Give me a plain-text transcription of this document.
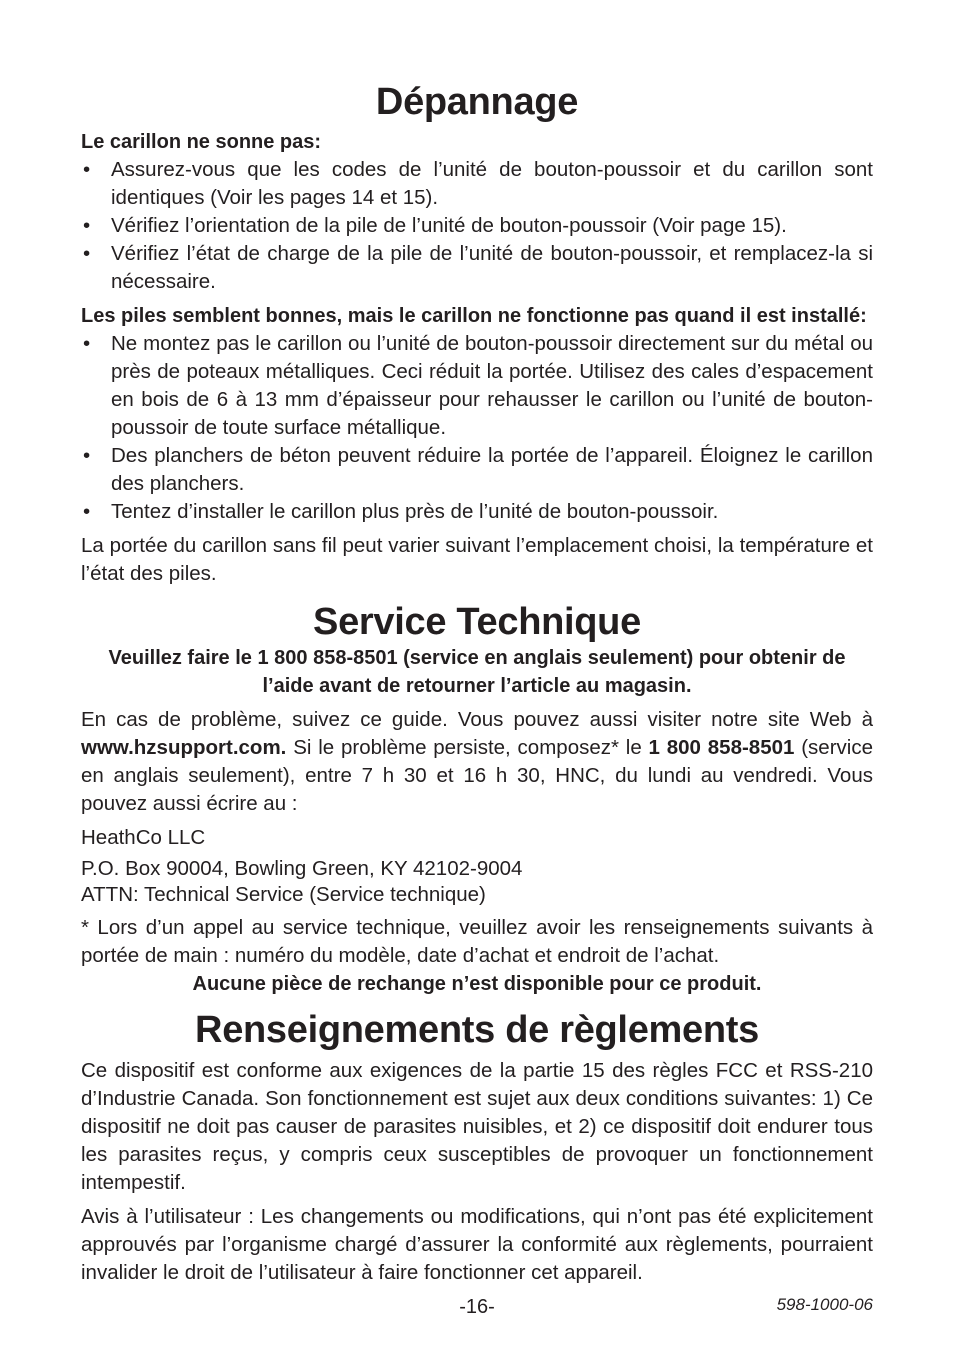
Dépannage

Le carillon ne sonne pas:

• Assurez-vous que les codes de l’unité de bouton-poussoir et du carillon sont identiques (Voir les pages 14 et 15).
• Vérifiez l’orientation de la pile de l’unité de bouton-poussoir (Voir page 15).
• Vérifiez l’état de charge de la pile de l’unité de bouton-poussoir, et remplacez-la si nécessaire.

Les piles semblent bonnes, mais le carillon ne fonctionne pas quand il est installé:

• Ne montez pas le carillon ou l’unité de bouton-poussoir directement sur du métal ou près de poteaux métalliques. Ceci réduit la portée. Utilisez des cales d’espacement en bois de 6 à 13 mm d’épaisseur pour rehausser le carillon ou l’unité de bouton-poussoir de toute surface métallique.
• Des planchers de béton peuvent réduire la portée de l’appareil. Éloignez le carillon des planchers.
• Tentez d’installer le carillon plus près de l’unité de bouton-poussoir.

La portée du carillon sans fil peut varier suivant l’emplacement choisi, la température et l’état des piles.

Service Technique

Veuillez faire le 1 800 858-8501 (service en anglais seulement) pour obtenir de l’aide avant de retourner l’article au magasin.

En cas de problème, suivez ce guide. Vous pouvez aussi visiter notre site Web à www.hzsupport.com. Si le problème persiste, composez* le 1 800 858-8501 (service en anglais seulement), entre 7 h 30 et 16 h 30, HNC, du lundi au vendredi. Vous pouvez aussi écrire au :

HeathCo LLC

P.O. Box 90004, Bowling Green, KY 42102-9004

ATTN: Technical Service (Service technique)

* Lors d’un appel au service technique, veuillez avoir les renseignements suivants à portée de main : numéro du modèle, date d’achat et endroit de l’achat.

Aucune pièce de rechange n’est disponible pour ce produit.

Renseignements de règlements

Ce dispositif est conforme aux exigences de la partie 15 des règles FCC et RSS-210 d’Industrie Canada. Son fonctionnement est sujet aux deux conditions suivantes: 1) Ce dispositif ne doit pas causer de parasites nuisibles, et 2) ce dispositif doit endurer tous les parasites reçus, y compris ceux susceptibles de provoquer un fonctionnement intempestif.

Avis à l’utilisateur : Les changements ou modifications, qui n’ont pas été explicitement approuvés par l’organisme chargé d’assurer la conformité aux règlements, pourraient invalider le droit de l’utilisateur à faire fonctionner cet appareil.

-16-	598-1000-06
